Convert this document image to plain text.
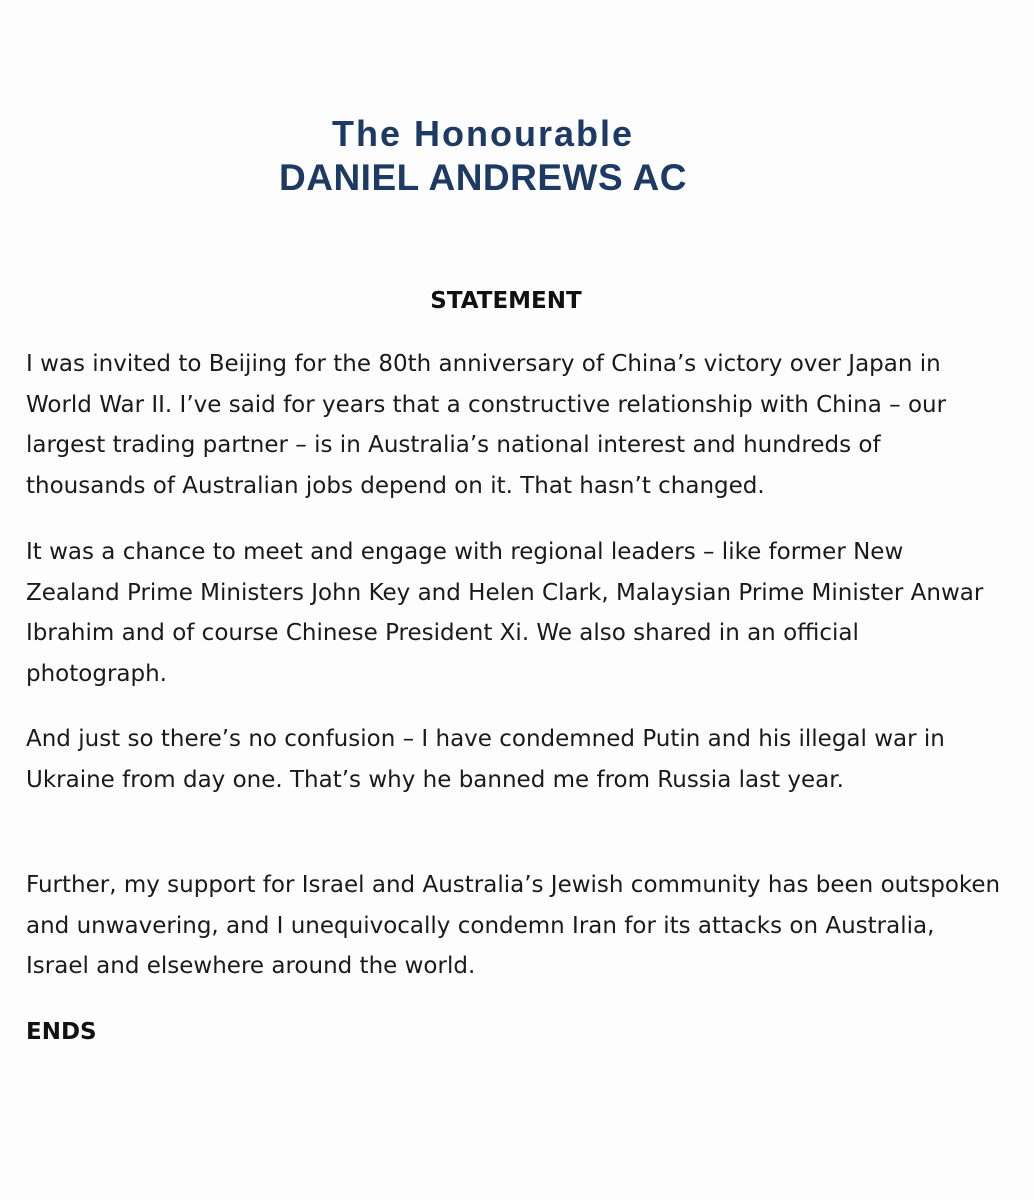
The Honourable
DANIEL ANDREWS AC
STATEMENT

I was invited to Beijing for the 80th anniversary of China’s victory over Japan in World War II. I’ve said for years that a constructive relationship with China – our largest trading partner – is in Australia’s national interest and hundreds of thousands of Australian jobs depend on it. That hasn’t changed.

It was a chance to meet and engage with regional leaders – like former New Zealand Prime Ministers John Key and Helen Clark, Malaysian Prime Minister Anwar Ibrahim and of course Chinese President Xi. We also shared in an official photograph.

And just so there’s no confusion – I have condemned Putin and his illegal war in Ukraine from day one. That’s why he banned me from Russia last year.

Further, my support for Israel and Australia’s Jewish community has been outspoken and unwavering, and I unequivocally condemn Iran for its attacks on Australia, Israel and elsewhere around the world.

ENDS
